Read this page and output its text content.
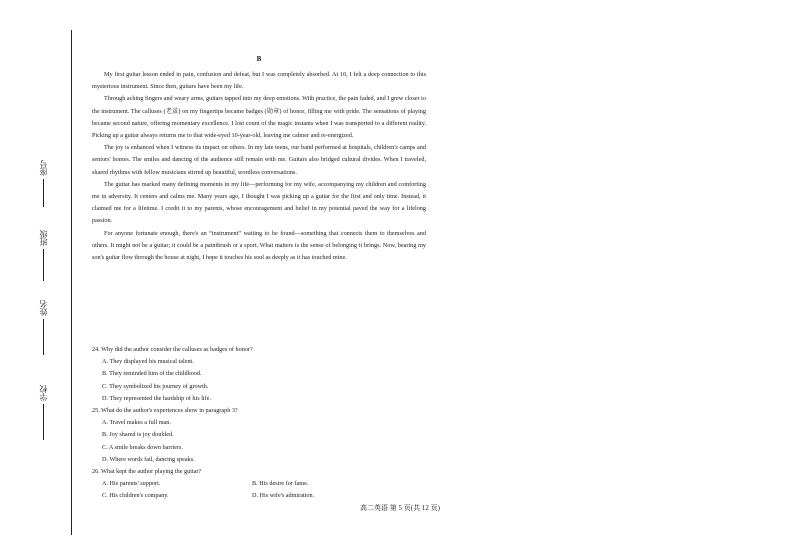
座号
班级
姓名
学校

B

My first guitar lesson ended in pain, confusion and defeat, but I was completely absorbed. At 10, I felt a deep connection to this mysterious instrument. Since then, guitars have been my life.

Through aching fingers and weary arms, guitars tapped into my deep emotions. With practice, the pain faded, and I grew closer to the instrument. The calluses (老茧) on my fingertips became badges (勋章) of honor, filling me with pride. The sensations of playing became second nature, offering momentary excellence. I lost count of the magic instants when I was transported to a different reality. Picking up a guitar always returns me to that wide-eyed 10-year-old, leaving me calmer and re-energized.

The joy is enhanced when I witness its impact on others. In my late teens, our band performed at hospitals, children's camps and seniors' homes. The smiles and dancing of the audience still remain with me. Guitars also bridged cultural divides. When I traveled, shared rhythms with fellow musicians stirred up beautiful, wordless conversations.

The guitar has marked many defining moments in my life—performing for my wife, accompanying my children and comforting me in adversity. It centers and calms me. Many years ago, I thought I was picking up a guitar for the first and only time. Instead, it claimed me for a lifetime. I credit it to my parents, whose encouragement and belief in my potential paved the way for a lifelong passion.

For anyone fortunate enough, there's an “instrument” waiting to be found—something that connects them to themselves and others. It might not be a guitar; it could be a paintbrush or a sport. What matters is the sense of belonging it brings. Now, bearing my son's guitar flow through the house at night, I hope it touches his soul as deeply as it has touched mine.

24. Why did the author consider the calluses as badges of honor?

A. They displayed his musical talent.

B. They reminded him of the childhood.

C. They symbolized his journey of growth.

D. They represented the hardship of his life.

25. What do the author's experiences show in paragraph 3?

A. Travel makes a full man.

B. Joy shared is joy doubled.

C. A smile breaks down barriers.

D. Where words fail, dancing speaks.

26. What kept the author playing the guitar?

A. His parents' support.	B. His desire for fame.
C. His children's company.	D. His wife's admiration.
高二英语 第 5 页(共 12 页)
